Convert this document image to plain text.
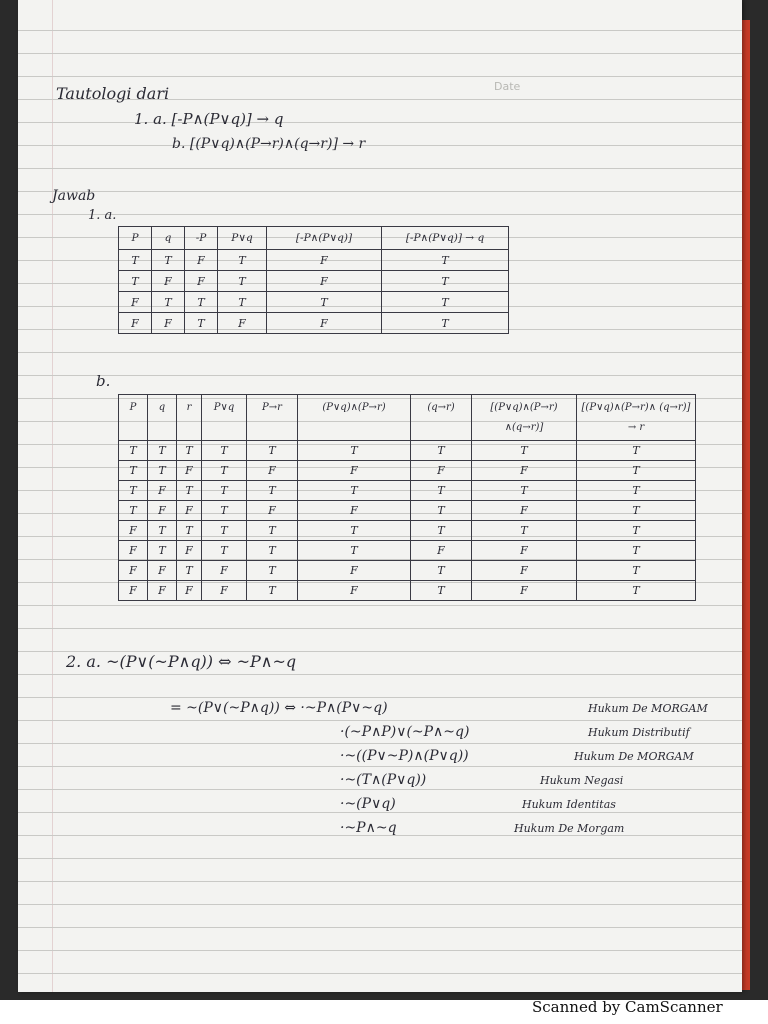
Date
Tautologi dari
1. a. [-P∧(P∨q)] → q
b. [(P∨q)∧(P→r)∧(q→r)] → r
Jawab
1. a.
P	q	-P	P∨q	[-P∧(P∨q)]	[-P∧(P∨q)] → q
T	T	F	T	F	T
T	F	F	T	F	T
F	T	T	T	T	T
F	F	T	F	F	T
b.
P	q	r	P∨q	P→r	(P∨q)∧(P→r)	(q→r)	[(P∨q)∧(P→r) ∧(q→r)]	[(P∨q)∧(P→r)∧ (q→r)] → r
T	T	T	T	T	T	T	T	T
T	T	F	T	F	F	F	F	T
T	F	T	T	T	T	T	T	T
T	F	F	T	F	F	T	F	T
F	T	T	T	T	T	T	T	T
F	T	F	T	T	T	F	F	T
F	F	T	F	T	F	T	F	T
F	F	F	F	T	F	T	F	T
2. a. ~(P∨(~P∧q)) ⇔ ~P∧~q
= ~(P∨(~P∧q)) ⇔ ·~P∧(P∨~q)	Hukum De MORGAM
·(~P∧P)∨(~P∧~q)	Hukum Distributif
·~((P∨~P)∧(P∨q))	Hukum De MORGAM
·~(T∧(P∨q))	Hukum Negasi
·~(P∨q)	Hukum Identitas
·~P∧~q	Hukum De Morgam
Scanned by CamScanner
